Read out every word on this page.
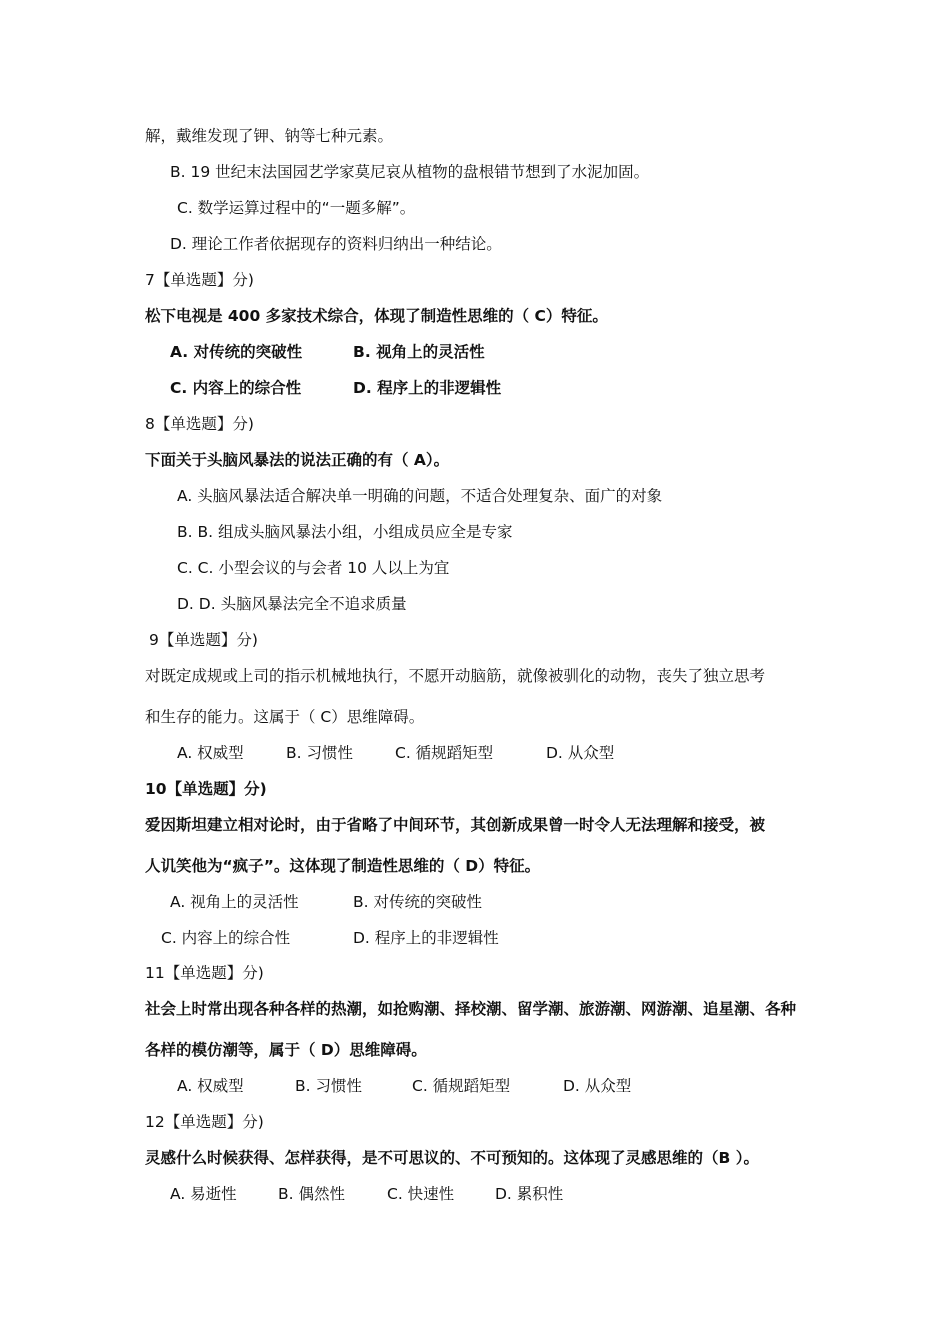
解，戴维发现了钾、钠等七种元素。
B. 19 世纪末法国园艺学家莫尼哀从植物的盘根错节想到了水泥加固。
C. 数学运算过程中的“一题多解”。
D. 理论工作者依据现存的资料归纳出一种结论。
7【单选题】分)
松下电视是 400 多家技术综合，体现了制造性思维的（ C）特征。
A. 对传统的突破性	B. 视角上的灵活性
C. 内容上的综合性	D. 程序上的非逻辑性
8【单选题】分)
下面关于头脑风暴法的说法正确的有（ A）。
A. 头脑风暴法适合解决单一明确的问题，不适合处理复杂、面广的对象
B. B. 组成头脑风暴法小组，小组成员应全是专家
C. C. 小型会议的与会者 10 人以上为宜
D. D. 头脑风暴法完全不追求质量
9【单选题】分)
对既定成规或上司的指示机械地执行，不愿开动脑筋，就像被驯化的动物，丧失了独立思考
和生存的能力。这属于（ C）思维障碍。
A. 权威型	B. 习惯性	C. 循规蹈矩型	D. 从众型
10【单选题】分)
爱因斯坦建立相对论时，由于省略了中间环节，其创新成果曾一时令人无法理解和接受，被
人讥笑他为“疯子”。这体现了制造性思维的（ D）特征。
A. 视角上的灵活性	B. 对传统的突破性
C. 内容上的综合性	D. 程序上的非逻辑性
11【单选题】分)
社会上时常出现各种各样的热潮，如抢购潮、择校潮、留学潮、旅游潮、网游潮、追星潮、各种
各样的模仿潮等，属于（ D）思维障碍。
A. 权威型	B. 习惯性	C. 循规蹈矩型	D. 从众型
12【单选题】分)
灵感什么时候获得、怎样获得，是不可思议的、不可预知的。这体现了灵感思维的（B ）。
A. 易逝性	B. 偶然性	C. 快速性	D. 累积性
